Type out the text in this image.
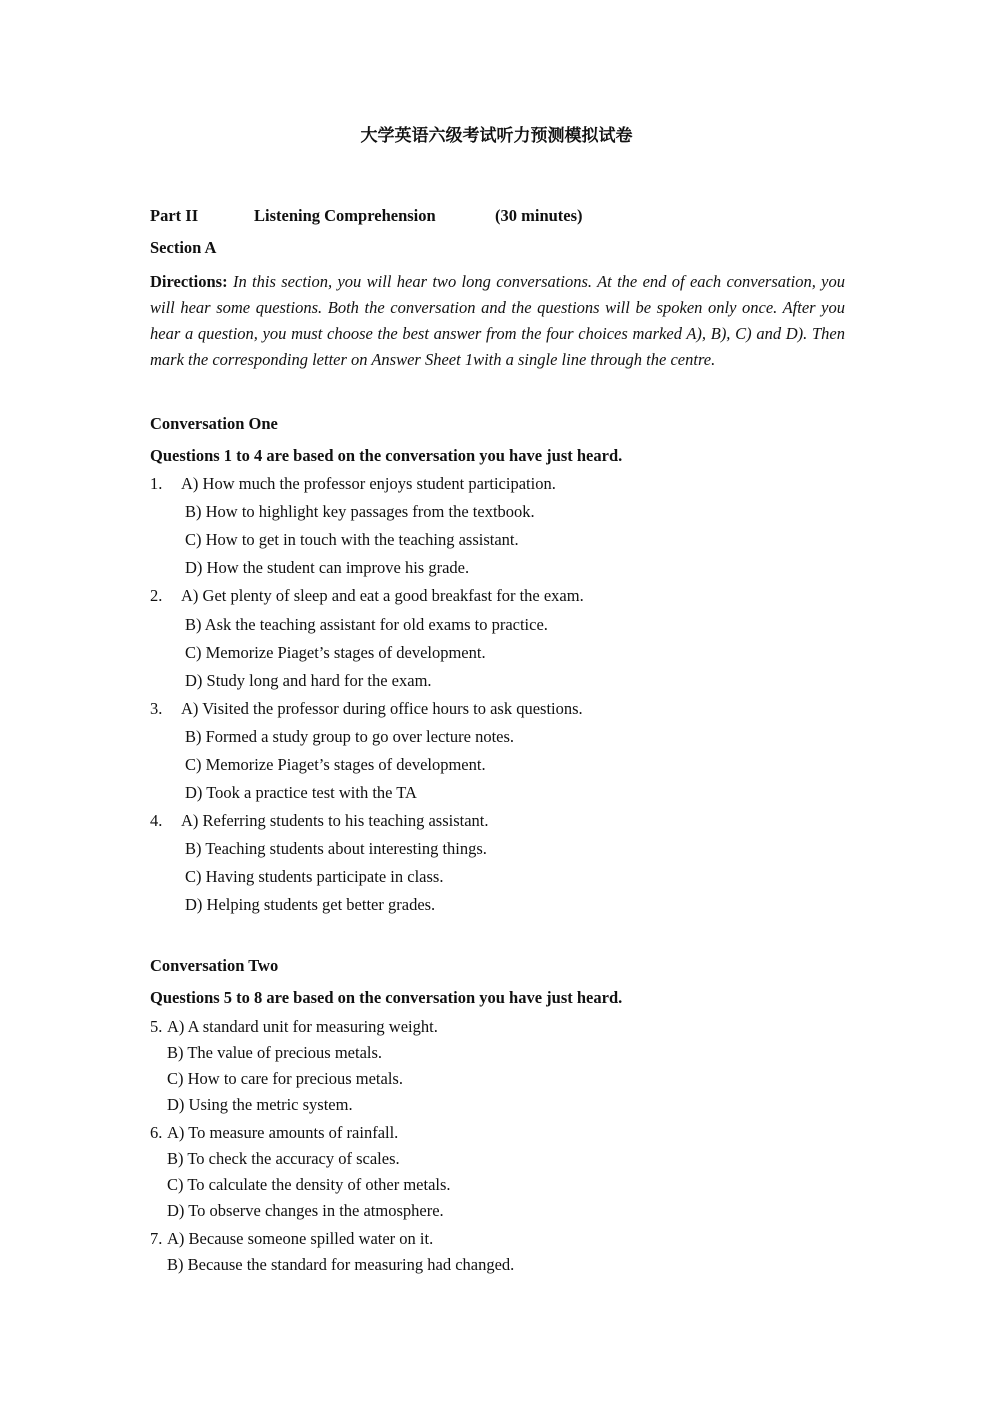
大学英语六级考试听力预测模拟试卷
Part II	Listening Comprehension	(30 minutes)
Section A
Directions: In this section, you will hear two long conversations. At the end of each conversation, you will hear some questions. Both the conversation and the questions will be spoken only once. After you hear a question, you must choose the best answer from the four choices marked A), B), C) and D). Then mark the corresponding letter on Answer Sheet 1with a single line through the centre.
Conversation One
Questions 1 to 4 are based on the conversation you have just heard.
1. A) How much the professor enjoys student participation.
B) How to highlight key passages from the textbook.
C) How to get in touch with the teaching assistant.
D) How the student can improve his grade.
2. A) Get plenty of sleep and eat a good breakfast for the exam.
B) Ask the teaching assistant for old exams to practice.
C) Memorize Piaget’s stages of development.
D) Study long and hard for the exam.
3. A) Visited the professor during office hours to ask questions.
B) Formed a study group to go over lecture notes.
C) Memorize Piaget’s stages of development.
D) Took a practice test with the TA
4. A) Referring students to his teaching assistant.
B) Teaching students about interesting things.
C) Having students participate in class.
D) Helping students get better grades.
Conversation Two
Questions 5 to 8 are based on the conversation you have just heard.
5. A) A standard unit for measuring weight.
B) The value of precious metals.
C) How to care for precious metals.
D) Using the metric system.
6. A) To measure amounts of rainfall.
B) To check the accuracy of scales.
C) To calculate the density of other metals.
D) To observe changes in the atmosphere.
7. A) Because someone spilled water on it.
B) Because the standard for measuring had changed.
